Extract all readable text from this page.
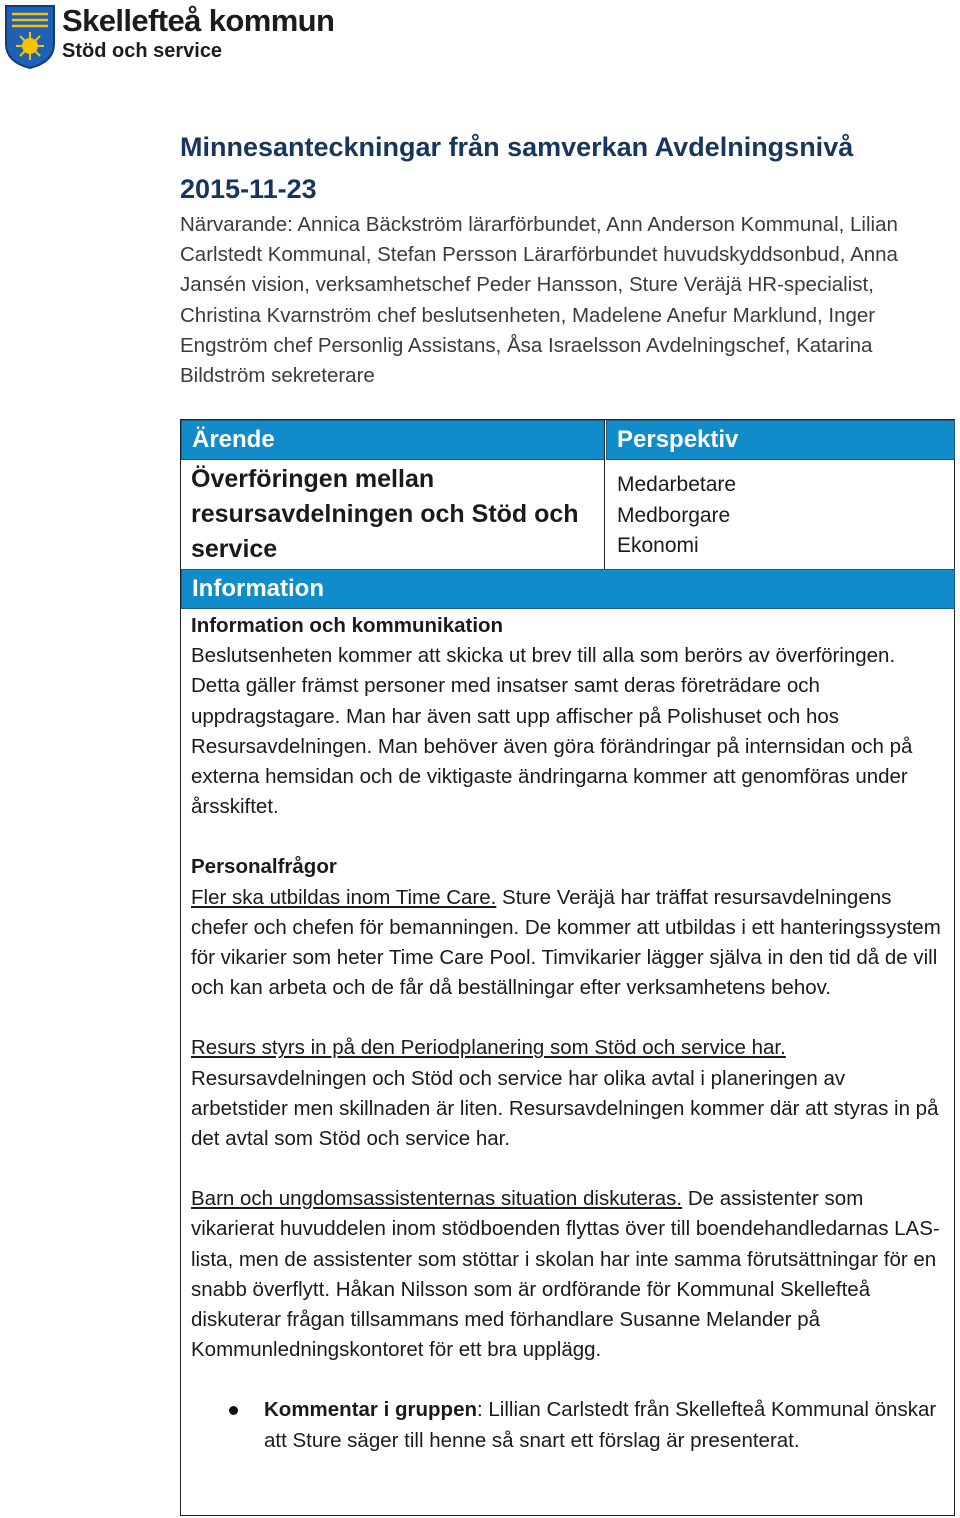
Skellefteå kommun
Stöd och service
Minnesanteckningar från samverkan Avdelningsnivå
2015-11-23

Närvarande: Annica Bäckström lärarförbundet, Ann Anderson Kommunal, Lilian Carlstedt Kommunal, Stefan Persson Lärarförbundet huvudskyddsonbud, Anna Jansén vision, verksamhetschef Peder Hansson, Sture Veräjä HR-specialist, Christina Kvarnström chef beslutsenheten, Madelene Anefur Marklund, Inger Engström chef Personlig Assistans, Åsa Israelsson Avdelningschef, Katarina Bildström sekreterare

Ärende	Perspektiv
Överföringen mellan resursavdelningen och Stöd och service
Medarbetare
Medborgare
Ekonomi
Information

Information och kommunikation

Beslutsenheten kommer att skicka ut brev till alla som berörs av överföringen. Detta gäller främst personer med insatser samt deras företrädare och uppdragstagare. Man har även satt upp affischer på Polishuset och hos Resursavdelningen. Man behöver även göra förändringar på internsidan och på externa hemsidan och de viktigaste ändringarna kommer att genomföras under årsskiftet.

Personalfrågor

Fler ska utbildas inom Time Care. Sture Veräjä har träffat resursavdelningens chefer och chefen för bemanningen. De kommer att utbildas i ett hanteringssystem för vikarier som heter Time Care Pool. Timvikarier lägger själva in den tid då de vill och kan arbeta och de får då beställningar efter verksamhetens behov.

Resurs styrs in på den Periodplanering som Stöd och service har. Resursavdelningen och Stöd och service har olika avtal i planeringen av arbetstider men skillnaden är liten. Resursavdelningen kommer där att styras in på det avtal som Stöd och service har.

Barn och ungdomsassistenternas situation diskuteras. De assistenter som vikarierat huvuddelen inom stödboenden flyttas över till boendehandledarnas LAS-lista, men de assistenter som stöttar i skolan har inte samma förutsättningar för en snabb överflytt. Håkan Nilsson som är ordförande för Kommunal Skellefteå diskuterar frågan tillsammans med förhandlare Susanne Melander på Kommunledningskontoret för ett bra upplägg.

Kommentar i gruppen: Lillian Carlstedt från Skellefteå Kommunal önskar att Sture säger till henne så snart ett förslag är presenterat.
